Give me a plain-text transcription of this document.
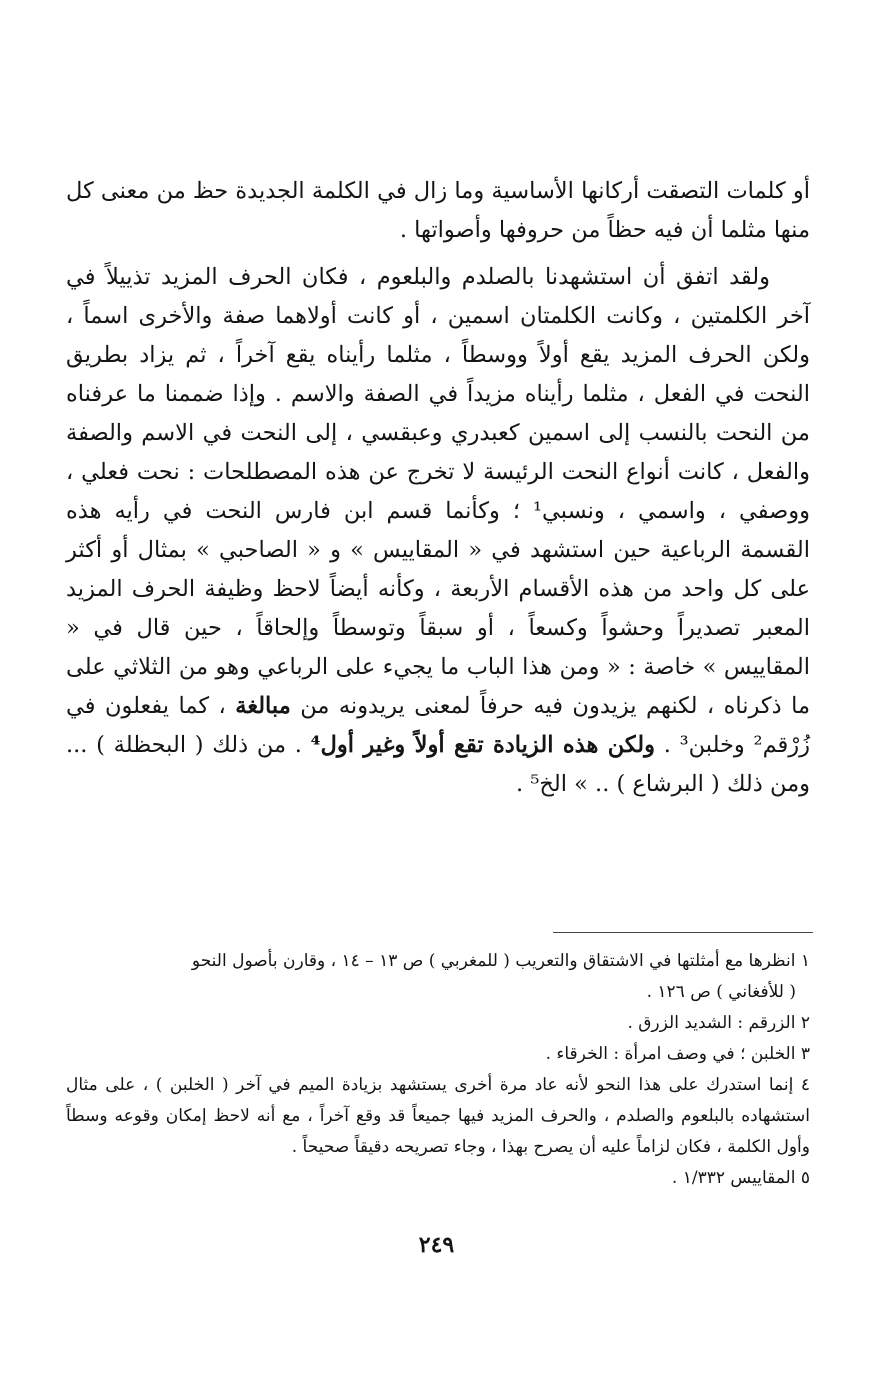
أو كلمات التصقت أركانها الأساسية وما زال في الكلمة الجديدة حظ من معنى كل منها مثلما أن فيه حظاً من حروفها وأصواتها .

ولقد اتفق أن استشهدنا بالصلدم والبلعوم ، فكان الحرف المزيد تذييلاً في آخر الكلمتين ، وكانت الكلمتان اسمين ، أو كانت أولاهما صفة والأخرى اسماً ، ولكن الحرف المزيد يقع أولاً ووسطاً ، مثلما رأيناه يقع آخراً ، ثم يزاد بطريق النحت في الفعل ، مثلما رأيناه مزيداً في الصفة والاسم . وإذا ضممنا ما عرفناه من النحت بالنسب إلى اسمين كعبدري وعبقسي ، إلى النحت في الاسم والصفة والفعل ، كانت أنواع النحت الرئيسة لا تخرج عن هذه المصطلحات : نحت فعلي ، ووصفي ، واسمي ، ونسبي¹ ؛ وكأنما قسم ابن فارس النحت في رأيه هذه القسمة الرباعية حين استشهد في « المقاييس » و « الصاحبي » بمثال أو أكثر على كل واحد من هذه الأقسام الأربعة ، وكأنه أيضاً لاحظ وظيفة الحرف المزيد المعبر تصديراً وحشواً وكسعاً ، أو سبقاً وتوسطاً وإلحاقاً ، حين قال في « المقاييس » خاصة : « ومن هذا الباب ما يجيء على الرباعي وهو من الثلاثي على ما ذكرناه ، لكنهم يزيدون فيه حرفاً لمعنى يريدونه من مبالغة ، كما يفعلون في زُرْقم² وخلبن³ . ولكن هذه الزيادة تقع أولاً وغير أول⁴ . من ذلك ( البحظلة ) ... ومن ذلك ( البرشاع ) .. » الخ⁵ .

١ انظرها مع أمثلتها في الاشتقاق والتعريب ( للمغربي ) ص ١٣ – ١٤ ، وقارن بأصول النحو

( للأفغاني ) ص ١٢٦ .

٢ الزرقم : الشديد الزرق .

٣ الخلبن ؛ في وصف امرأة : الخرقاء .

٤ إنما استدرك على هذا النحو لأنه عاد مرة أخرى يستشهد بزيادة الميم في آخر ( الخلبن ) ، على مثال استشهاده بالبلعوم والصلدم ، والحرف المزيد فيها جميعاً قد وقع آخراً ، مع أنه لاحظ إمكان وقوعه وسطاً وأول الكلمة ، فكان لزاماً عليه أن يصرح بهذا ، وجاء تصريحه دقيقاً صحيحاً .

٥ المقاييس ١/٣٣٢ .

٢٤٩
